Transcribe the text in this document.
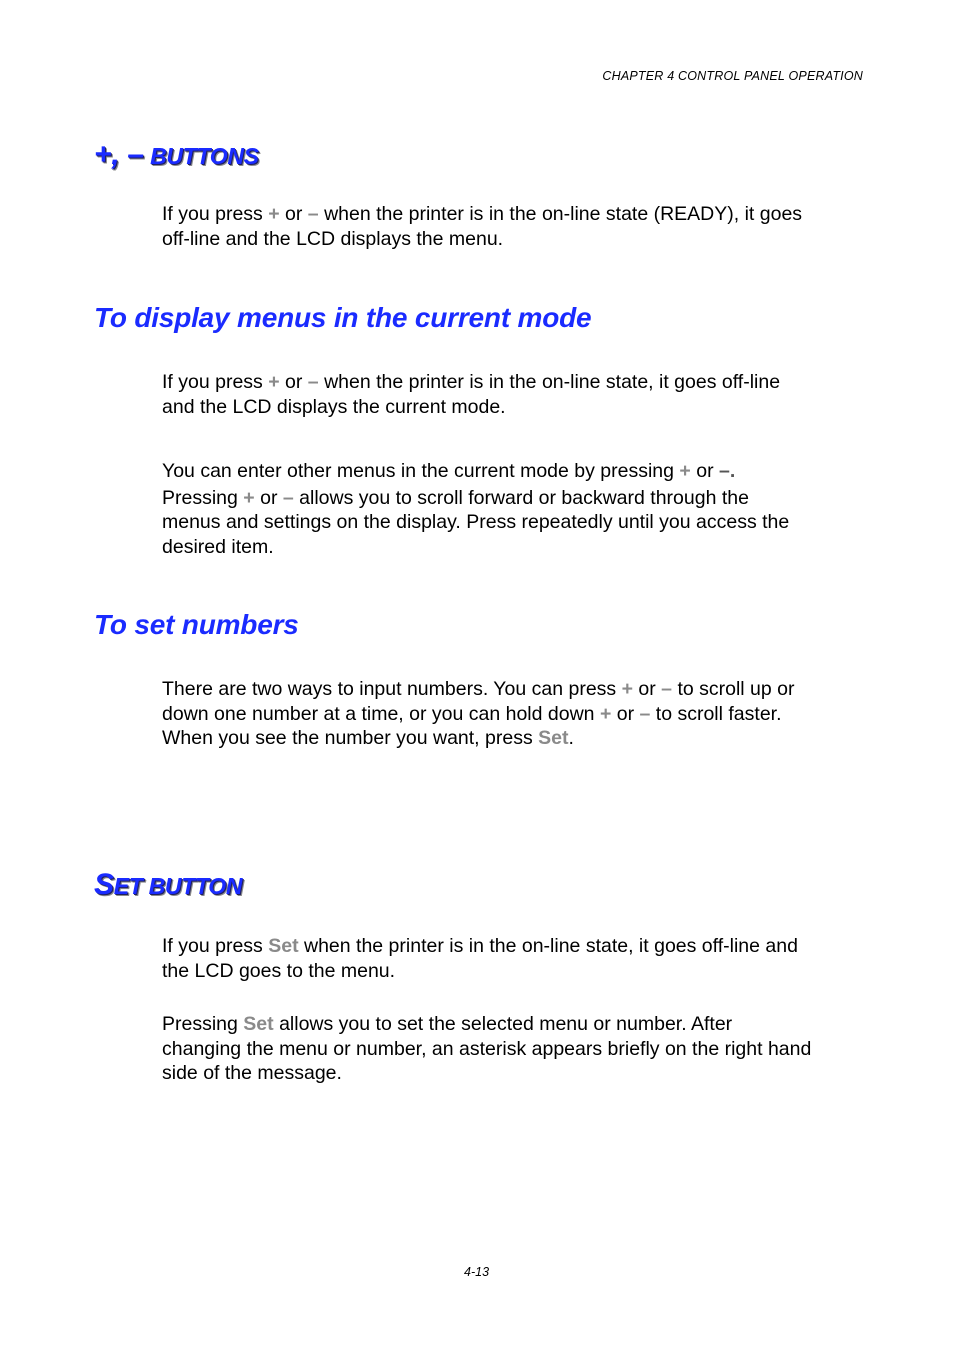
CHAPTER 4 CONTROL PANEL OPERATION
+, – BUTTONS
If you press + or – when the printer is in the on-line state (READY), it goes
off-line and the LCD displays the menu.
To display menus in the current mode
If you press + or – when the printer is in the on-line state, it goes off-line
and the LCD displays the current mode.
You can enter other menus in the current mode by pressing + or –.
Pressing + or – allows you to scroll forward or backward through the
menus and settings on the display. Press repeatedly until you access the
desired item.
To set numbers
There are two ways to input numbers. You can press + or – to scroll up or
down one number at a time, or you can hold down + or – to scroll faster.
When you see the number you want, press Set.
SET BUTTON
If you press Set when the printer is in the on-line state, it goes off-line and
the LCD goes to the menu.
Pressing Set allows you to set the selected menu or number. After
changing the menu or number, an asterisk appears briefly on the right hand
side of the message.
4-13
